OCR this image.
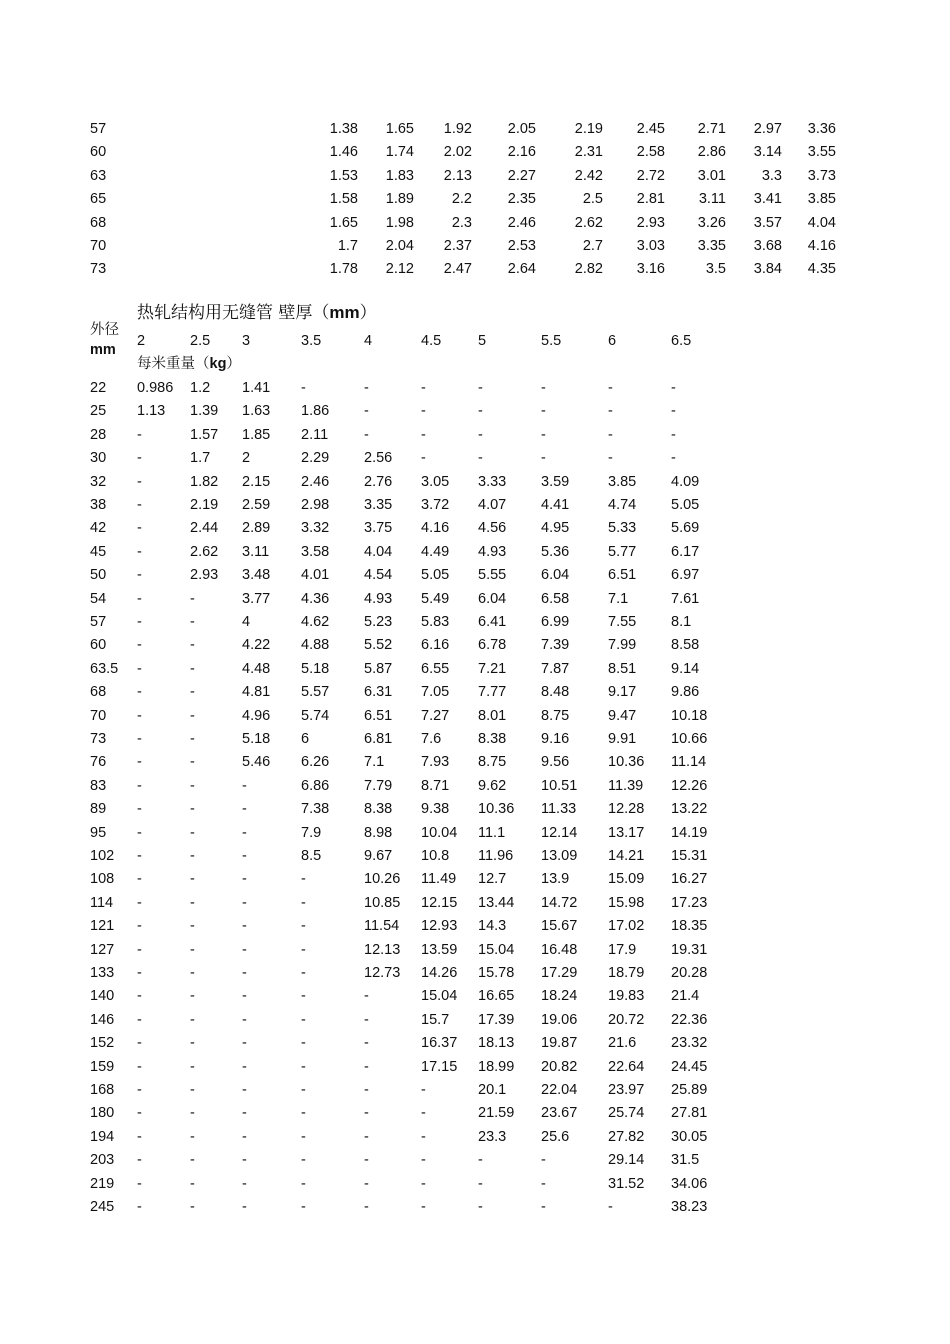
57	1.38	1.65	1.92	2.05	2.19	2.45	2.71	2.97	3.36
60	1.46	1.74	2.02	2.16	2.31	2.58	2.86	3.14	3.55
63	1.53	1.83	2.13	2.27	2.42	2.72	3.01	3.3	3.73
65	1.58	1.89	2.2	2.35	2.5	2.81	3.11	3.41	3.85
68	1.65	1.98	2.3	2.46	2.62	2.93	3.26	3.57	4.04
70	1.7	2.04	2.37	2.53	2.7	3.03	3.35	3.68	4.16
73	1.78	2.12	2.47	2.64	2.82	3.16	3.5	3.84	4.35
热轧结构用无缝管 壁厚（mm）
外径
mm
2	2.5 3	3.5	4	4.5	5	5.5	6	6.5
每米重量（kg）
22 0.986 1.2 1.41 -	-	-	-	-	-	-
25 1.13 1.39 1.63 1.86 -	-	-	-	-	-
28 -	1.57 1.85 2.11 -	-	-	-	-	-
30 -	1.7 2	2.29 2.56 -	-	-	-	-
32 -	1.82 2.15 2.46 2.76 3.05 3.33 3.59	3.85 4.09
38 -	2.19 2.59 2.98 3.35 3.72 4.07 4.41	4.74 5.05
42 -	2.44 2.89 3.32 3.75 4.16 4.56 4.95	5.33 5.69
45 -	2.62 3.11 3.58 4.04 4.49 4.93 5.36	5.77 6.17
50 -	2.93 3.48 4.01 4.54 5.05 5.55 6.04	6.51 6.97
54 -	-	3.77 4.36 4.93 5.49 6.04 6.58	7.1	7.61
57 -	-	4	4.62 5.23 5.83 6.41 6.99	7.55 8.1
60 -	-	4.22 4.88 5.52 6.16 6.78 7.39	7.99 8.58
63.5 -	-	4.48 5.18 5.87 6.55 7.21 7.87	8.51 9.14
68 -	-	4.81 5.57 6.31 7.05 7.77 8.48	9.17 9.86
70 -	-	4.96 5.74 6.51 7.27 8.01 8.75	9.47 10.18
73 -	-	5.18 6	6.81 7.6	8.38 9.16	9.91 10.66
76 -	-	5.46 6.26 7.1	7.93 8.75 9.56	10.36 11.14
83 -	-	-	6.86 7.79 8.71 9.62 10.51 11.39 12.26
89 -	-	-	7.38 8.38 9.38 10.36 11.33 12.28 13.22
95 -	-	-	7.9	8.98 10.04 11.1 12.14 13.17 14.19
102 -	-	-	8.5	9.67 10.8 11.96 13.09 14.21 15.31
108 -	-	-	-	10.26 11.49 12.7 13.9	15.09 16.27
114 -	-	-	-	10.85 12.15 13.44 14.72 15.98 17.23
121 -	-	-	-	11.54 12.93 14.3 15.67 17.02 18.35
127 -	-	-	-	12.13 13.59 15.04 16.48 17.9 19.31
133 -	-	-	-	12.73 14.26 15.78 17.29 18.79 20.28
140 -	-	-	-	-	15.04 16.65 18.24 19.83 21.4
146 -	-	-	-	-	15.7 17.39 19.06 20.72 22.36
152 -	-	-	-	-	16.37 18.13 19.87 21.6 23.32
159 -	-	-	-	-	17.15 18.99 20.82 22.64 24.45
168 -	-	-	-	-	-	20.1 22.04 23.97 25.89
180 -	-	-	-	-	-	21.59 23.67 25.74 27.81
194 -	-	-	-	-	-	23.3 25.6	27.82 30.05
203 -	-	-	-	-	-	-	-	29.14 31.5
219 -	-	-	-	-	-	-	-	31.52 34.06
245 -	-	-	-	-	-	-	-	-	38.23
